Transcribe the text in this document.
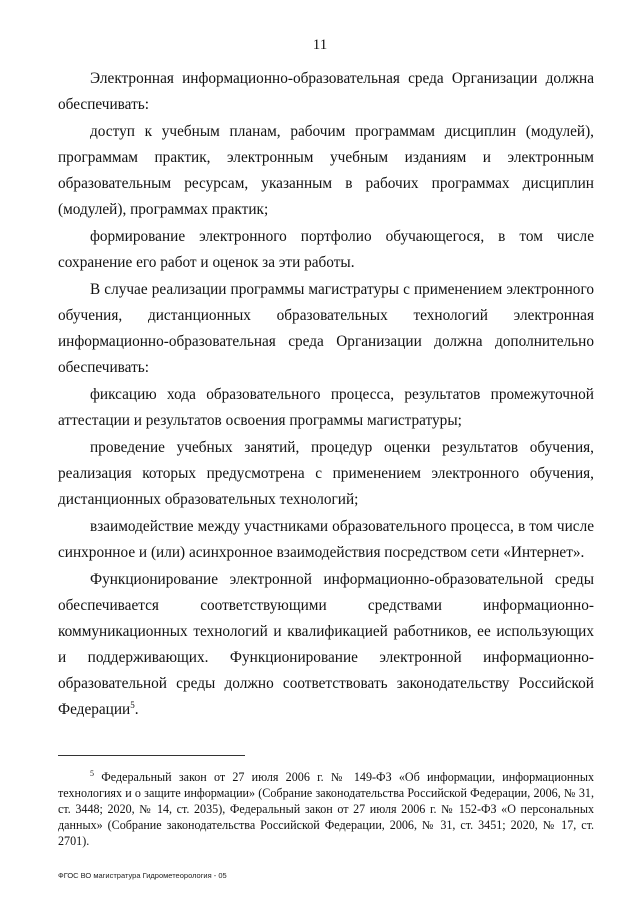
11

Электронная информационно-образовательная среда Организации должна обеспечивать:

доступ к учебным планам, рабочим программам дисциплин (модулей), программам практик, электронным учебным изданиям и электронным образовательным ресурсам, указанным в рабочих программах дисциплин (модулей), программах практик;

формирование электронного портфолио обучающегося, в том числе сохранение его работ и оценок за эти работы.

В случае реализации программы магистратуры с применением электронного обучения, дистанционных образовательных технологий электронная информационно-образовательная среда Организации должна дополнительно обеспечивать:

фиксацию хода образовательного процесса, результатов промежуточной аттестации и результатов освоения программы магистратуры;

проведение учебных занятий, процедур оценки результатов обучения, реализация которых предусмотрена с применением электронного обучения, дистанционных образовательных технологий;

взаимодействие между участниками образовательного процесса, в том числе синхронное и (или) асинхронное взаимодействия посредством сети «Интернет».

Функционирование электронной информационно-образовательной среды обеспечивается соответствующими средствами информационно-коммуникационных технологий и квалификацией работников, ее использующих и поддерживающих. Функционирование электронной информационно-образовательной среды должно соответствовать законодательству Российской Федерации$^5$.

$^5$ Федеральный закон от 27 июля 2006 г. № 149-ФЗ «Об информации, информационных технологиях и о защите информации» (Собрание законодательства Российской Федерации, 2006, № 31, ст. 3448; 2020, № 14, ст. 2035), Федеральный закон от 27 июля 2006 г. № 152-ФЗ «О персональных данных» (Собрание законодательства Российской Федерации, 2006, № 31, ст. 3451; 2020, № 17, ст. 2701).

ФГОС ВО магистратура Гидрометеорология - 05
